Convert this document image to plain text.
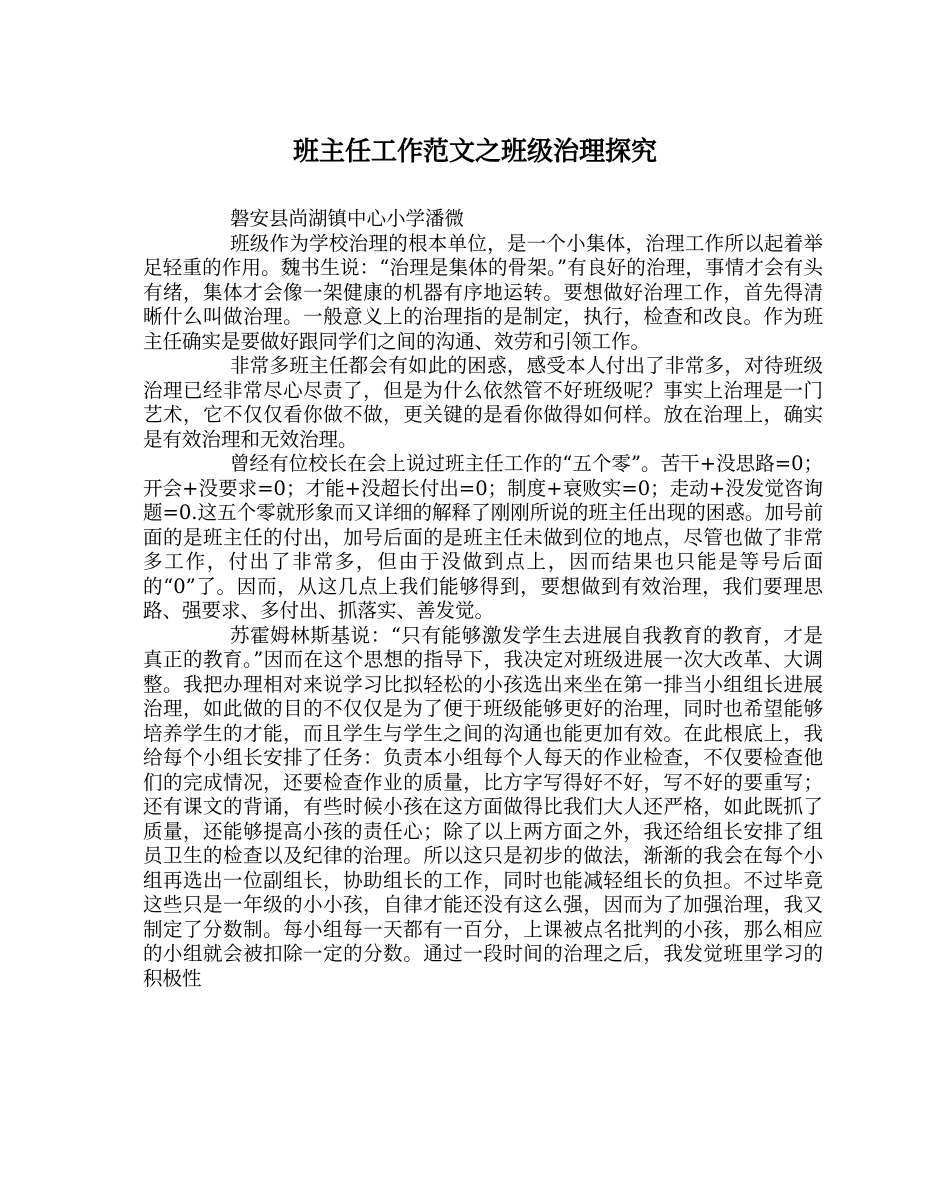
班主任工作范文之班级治理探究

磐安县尚湖镇中心小学潘微

班级作为学校治理的根本单位，是一个小集体，治理工作所以起着举足轻重的作用。魏书生说：“治理是集体的骨架。”有良好的治理，事情才会有头有绪，集体才会像一架健康的机器有序地运转。要想做好治理工作，首先得清晰什么叫做治理。一般意义上的治理指的是制定，执行，检查和改良。作为班主任确实是要做好跟同学们之间的沟通、效劳和引领工作。

非常多班主任都会有如此的困惑，感受本人付出了非常多，对待班级治理已经非常尽心尽责了，但是为什么依然管不好班级呢？事实上治理是一门艺术，它不仅仅看你做不做，更关键的是看你做得如何样。放在治理上，确实是有效治理和无效治理。

曾经有位校长在会上说过班主任工作的“五个零”。苦干+没思路=0；开会+没要求=0；才能+没超长付出=0；制度+衰败实=0；走动+没发觉咨询题=0.这五个零就形象而又详细的解释了刚刚所说的班主任出现的困惑。加号前面的是班主任的付出，加号后面的是班主任未做到位的地点，尽管也做了非常多工作，付出了非常多，但由于没做到点上，因而结果也只能是等号后面的“0”了。因而，从这几点上我们能够得到，要想做到有效治理，我们要理思路、强要求、多付出、抓落实、善发觉。

苏霍姆林斯基说：“只有能够激发学生去进展自我教育的教育，才是真正的教育。”因而在这个思想的指导下，我决定对班级进展一次大改革、大调整。我把办理相对来说学习比拟轻松的小孩选出来坐在第一排当小组组长进展治理，如此做的目的不仅仅是为了便于班级能够更好的治理，同时也希望能够培养学生的才能，而且学生与学生之间的沟通也能更加有效。在此根底上，我给每个小组长安排了任务：负责本小组每个人每天的作业检查，不仅要检查他们的完成情况，还要检查作业的质量，比方字写得好不好，写不好的要重写；还有课文的背诵，有些时候小孩在这方面做得比我们大人还严格，如此既抓了质量，还能够提高小孩的责任心；除了以上两方面之外，我还给组长安排了组员卫生的检查以及纪律的治理。所以这只是初步的做法，渐渐的我会在每个小组再选出一位副组长，协助组长的工作，同时也能减轻组长的负担。不过毕竟这些只是一年级的小小孩，自律才能还没有这么强，因而为了加强治理，我又制定了分数制。每小组每一天都有一百分，上课被点名批判的小孩，那么相应的小组就会被扣除一定的分数。通过一段时间的治理之后，我发觉班里学习的积极性
